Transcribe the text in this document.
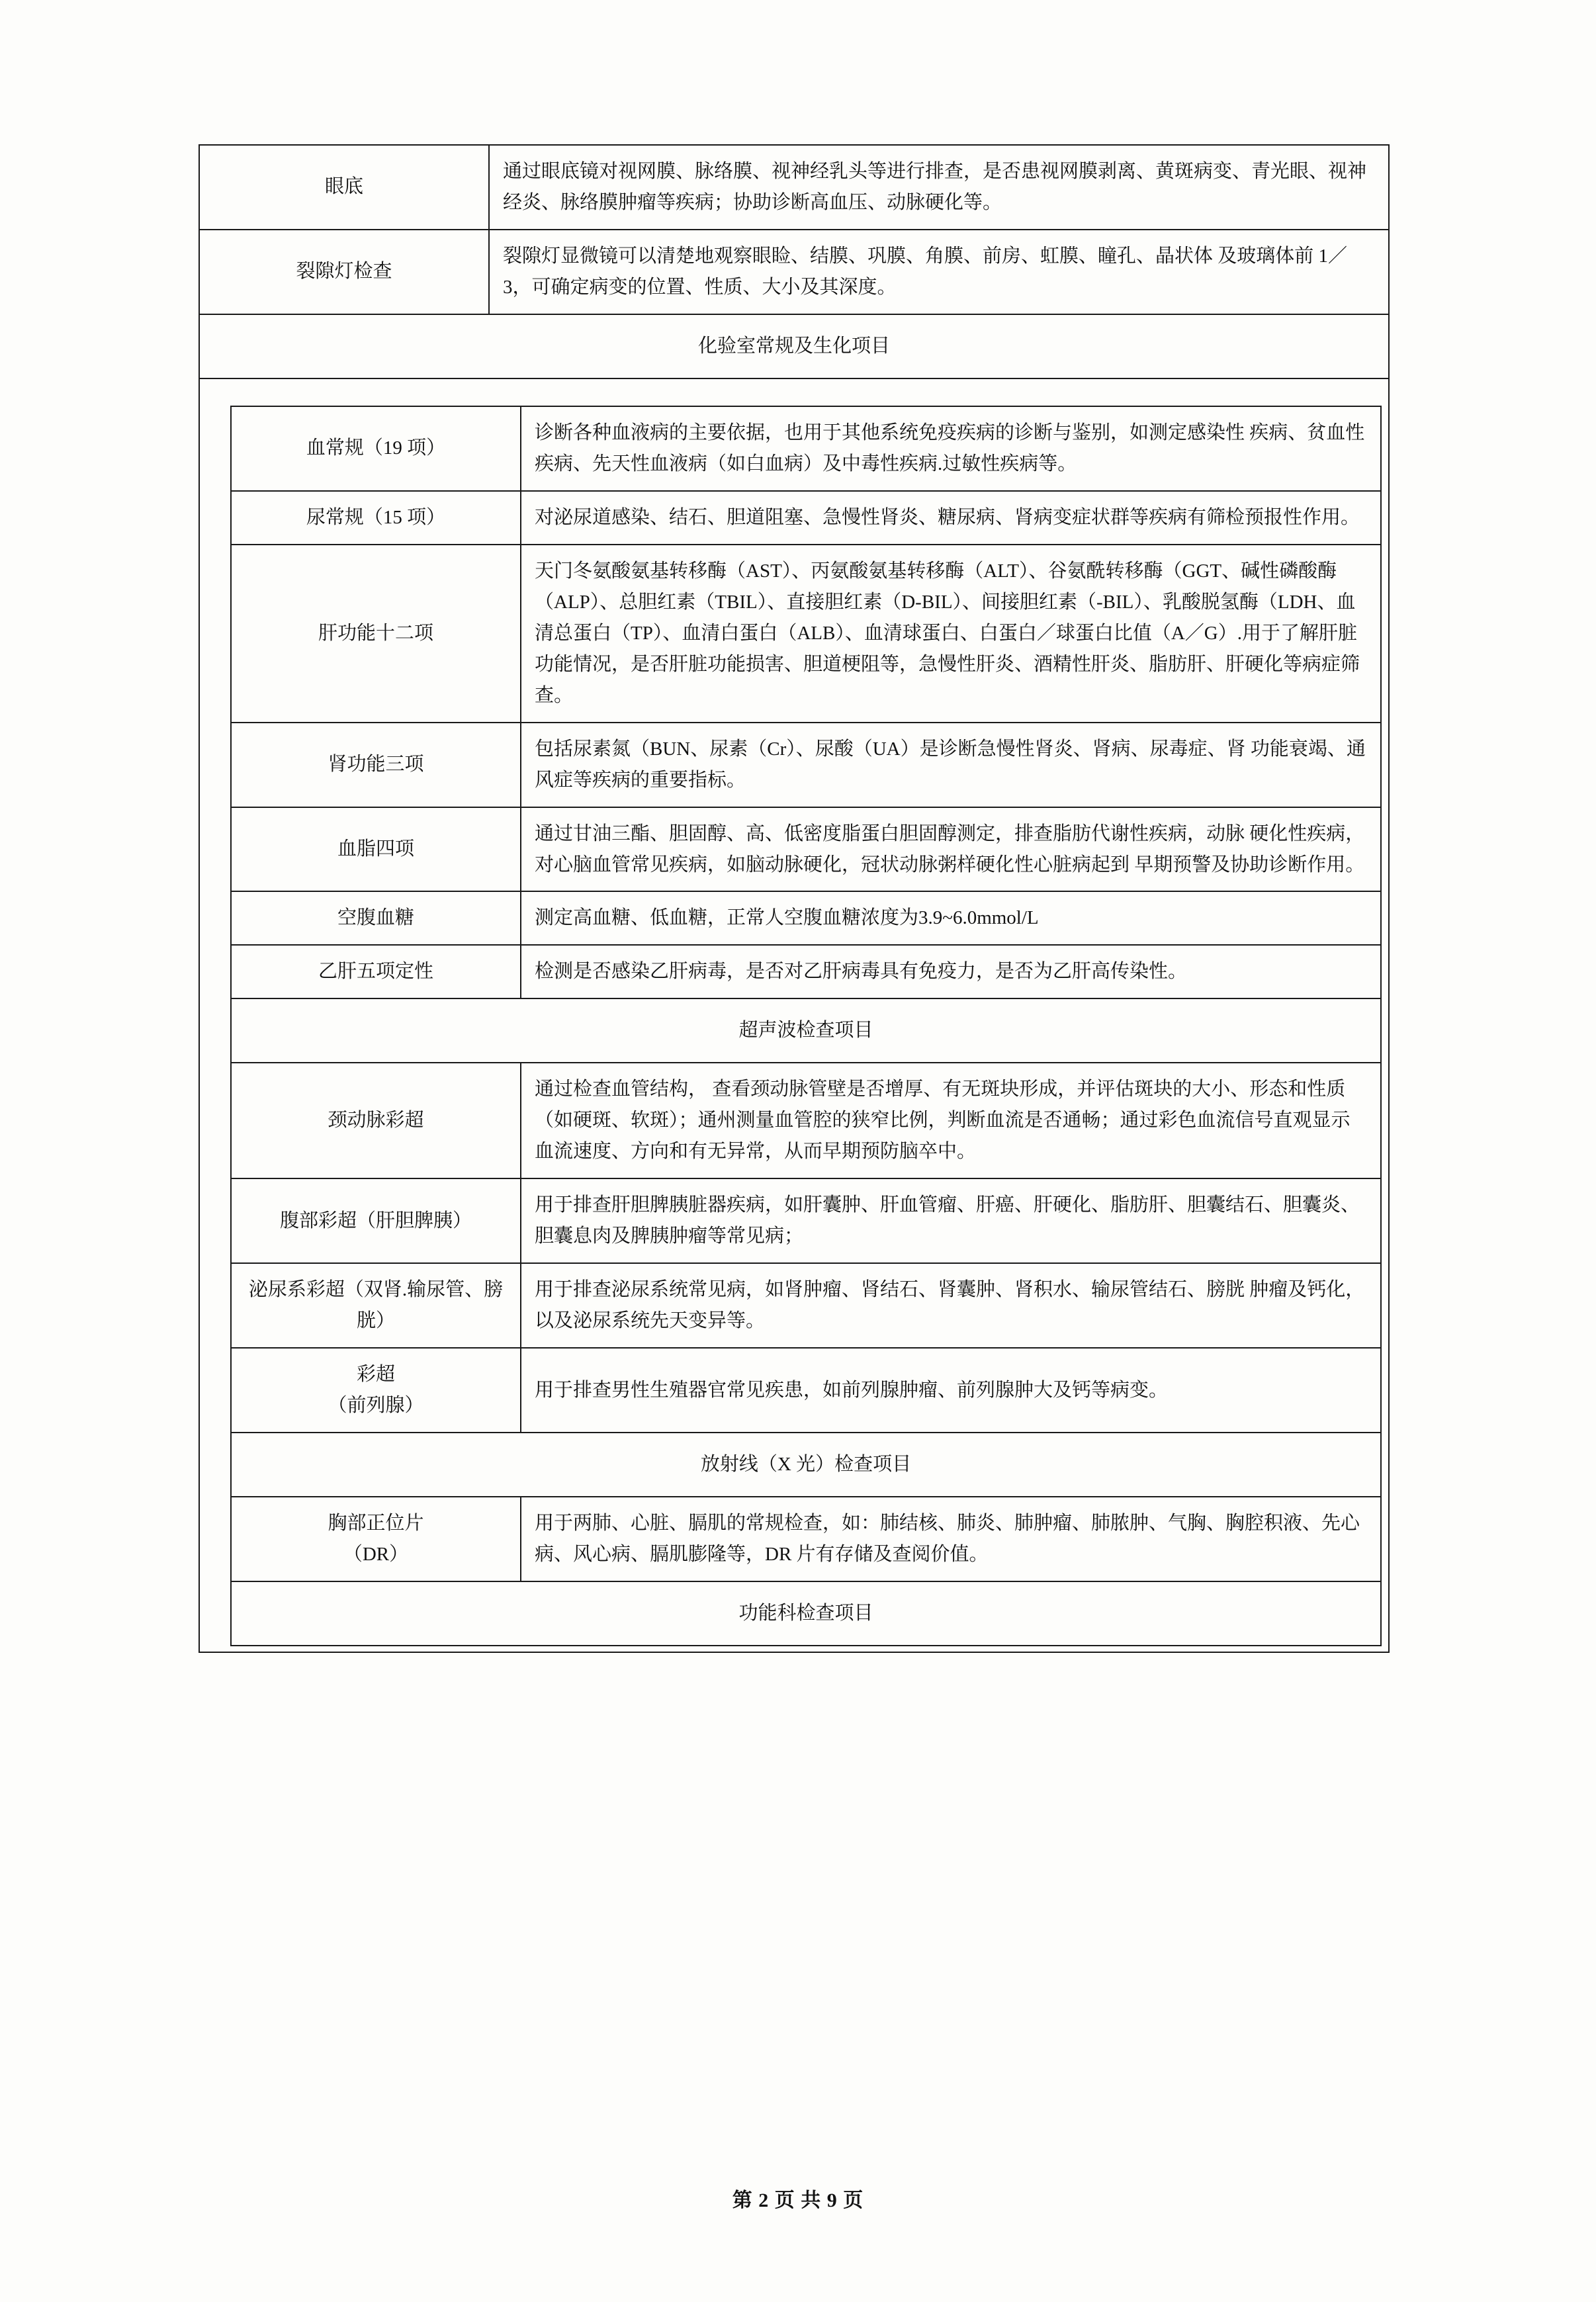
眼底	通过眼底镜对视网膜、脉络膜、视神经乳头等进行排查，是否患视网膜剥离、黄斑病变、青光眼、视神经炎、脉络膜肿瘤等疾病；协助诊断高血压、动脉硬化等。
裂隙灯检查	裂隙灯显微镜可以清楚地观察眼睑、结膜、巩膜、角膜、前房、虹膜、瞳孔、晶状体 及玻璃体前 1／3，可确定病变的位置、性质、大小及其深度。
化验室常规及生化项目	
血常规（19 项）	诊断各种血液病的主要依据，也用于其他系统免疫疾病的诊断与鉴别，如测定感染性 疾病、贫血性疾病、先天性血液病（如白血病）及中毒性疾病.过敏性疾病等。
尿常规（15 项）	对泌尿道感染、结石、胆道阻塞、急慢性肾炎、糖尿病、肾病变症状群等疾病有筛检预报性作用。
肝功能十二项	天门冬氨酸氨基转移酶（AST）、丙氨酸氨基转移酶（ALT）、谷氨酰转移酶（GGT、碱性磷酸酶（ALP）、总胆红素（TBIL）、直接胆红素（D-BIL）、间接胆红素（-BIL）、乳酸脱氢酶（LDH、血清总蛋白（TP）、血清白蛋白（ALB）、血清球蛋白、白蛋白／球蛋白比值（A／G）.用于了解肝脏功能情况，是否肝脏功能损害、胆道梗阻等，急慢性肝炎、酒精性肝炎、脂肪肝、肝硬化等病症筛查。
肾功能三项	包括尿素氮（BUN、尿素（Cr）、尿酸（UA）是诊断急慢性肾炎、肾病、尿毒症、肾 功能衰竭、通风症等疾病的重要指标。
血脂四项	通过甘油三酯、胆固醇、高、低密度脂蛋白胆固醇测定，排查脂肪代谢性疾病，动脉 硬化性疾病，对心脑血管常见疾病，如脑动脉硬化，冠状动脉粥样硬化性心脏病起到 早期预警及协助诊断作用。
空腹血糖	测定高血糖、低血糖，正常人空腹血糖浓度为3.9~6.0mmol/L
乙肝五项定性	检测是否感染乙肝病毒，是否对乙肝病毒具有免疫力，是否为乙肝高传染性。
超声波检查项目	
颈动脉彩超	通过检查血管结构， 查看颈动脉管壁是否增厚、有无斑块形成，并评估斑块的大小、形态和性质（如硬斑、软斑）；通州测量血管腔的狭窄比例，判断血流是否通畅；通过彩色血流信号直观显示血流速度、方向和有无异常，从而早期预防脑卒中。
腹部彩超（肝胆脾胰）	用于排查肝胆脾胰脏器疾病，如肝囊肿、肝血管瘤、肝癌、肝硬化、脂肪肝、胆囊结石、胆囊炎、胆囊息肉及脾胰肿瘤等常见病；
泌尿系彩超（双肾.输尿管、膀胱）	用于排查泌尿系统常见病，如肾肿瘤、肾结石、肾囊肿、肾积水、输尿管结石、膀胱 肿瘤及钙化，以及泌尿系统先天变异等。

彩超
（前列腺）	用于排查男性生殖器官常见疾患，如前列腺肿瘤、前列腺肿大及钙等病变。
放射线（X 光）检查项目	

胸部正位片
（DR）	用于两肺、心脏、膈肌的常规检查，如：肺结核、肺炎、肺肿瘤、肺脓肿、气胸、胸腔积液、先心病、风心病、膈肌膨隆等，DR 片有存储及查阅价值。
功能科检查项目	
第 2 页 共 9 页
